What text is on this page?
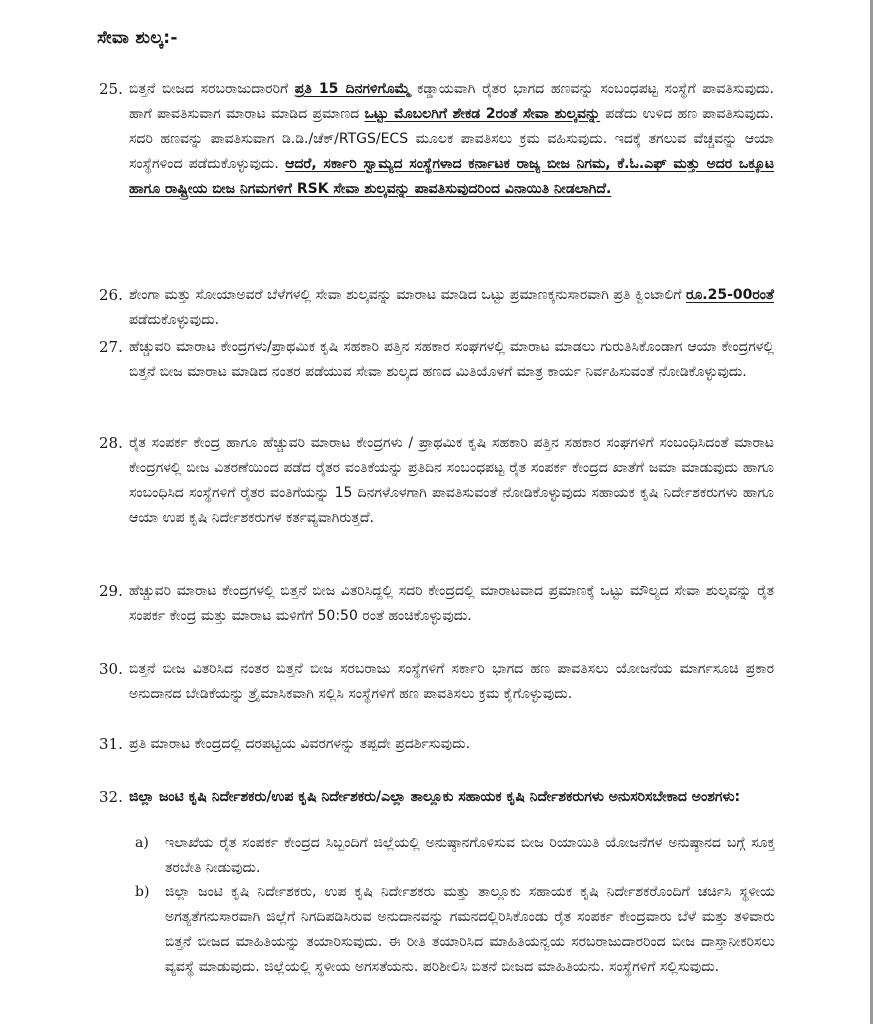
ಸೇವಾ ಶುಲ್ಕ:-
25. ಬಿತ್ತನೆ ಬೀಜದ ಸರಬರಾಜುದಾರರಿಗೆ ಪ್ರತಿ 15 ದಿನಗಳಿಗೊಮ್ಮೆ ಕಡ್ಡಾಯವಾಗಿ ರೈತರ ಭಾಗದ ಹಣವನ್ನು ಸಂಬಂಧಪಟ್ಟ ಸಂಸ್ಥೆಗೆ ಪಾವತಿಸುವುದು. ಹಾಗೆ ಪಾವತಿಸುವಾಗ ಮಾರಾಟ ಮಾಡಿದ ಪ್ರಮಾಣದ ಒಟ್ಟು ಮೊಬಲಗಿಗೆ ಶೇಕಡ 2ರಂತೆ ಸೇವಾ ಶುಲ್ಕವನ್ನು ಪಡೆದು ಉಳಿದ ಹಣ ಪಾವತಿಸುವುದು. ಸದರಿ ಹಣವನ್ನು ಪಾವತಿಸುವಾಗ ಡಿ.ಡಿ./ಚೆಕ್/RTGS/ECS ಮೂಲಕ ಪಾವತಿಸಲು ಕ್ರಮ ವಹಿಸುವುದು. ಇದಕ್ಕೆ ತಗಲುವ ವೆಚ್ಚವನ್ನು ಆಯಾ ಸಂಸ್ಥೆಗಳಿಂದ ಪಡೆದುಕೊಳ್ಳುವುದು. ಆದರೆ, ಸರ್ಕಾರಿ ಸ್ವಾಮ್ಯದ ಸಂಸ್ಥೆಗಳಾದ ಕರ್ನಾಟಕ ರಾಜ್ಯ ಬೀಜ ನಿಗಮ, ಕೆ.ಓ.ಎಫ್ ಮತ್ತು ಅದರ ಒಕ್ಕೂಟ ಹಾಗೂ ರಾಷ್ಟ್ರೀಯ ಬೀಜ ನಿಗಮಗಳಿಗೆ RSK ಸೇವಾ ಶುಲ್ಕವನ್ನು ಪಾವತಿಸುವುದರಿಂದ ವಿನಾಯಿತಿ ನೀಡಲಾಗಿದೆ.
26. ಶೇಂಗಾ ಮತ್ತು ಸೋಯಾಅವರೆ ಬೆಳೆಗಳಲ್ಲಿ ಸೇವಾ ಶುಲ್ಕವನ್ನು ಮಾರಾಟ ಮಾಡಿದ ಒಟ್ಟು ಪ್ರಮಾಣಕ್ಕನುಸಾರವಾಗಿ ಪ್ರತಿ ಕ್ವಿಂಟಾಲಿಗೆ ರೂ.25-00ರಂತೆ ಪಡೆದುಕೊಳ್ಳುವುದು.
27. ಹೆಚ್ಚುವರಿ ಮಾರಾಟ ಕೇಂದ್ರಗಳು/ಪ್ರಾಥಮಿಕ ಕೃಷಿ ಸಹಕಾರಿ ಪತ್ತಿನ ಸಹಕಾರ ಸಂಘಗಳಲ್ಲಿ ಮಾರಾಟ ಮಾಡಲು ಗುರುತಿಸಿಕೊಂಡಾಗ ಆಯಾ ಕೇಂದ್ರಗಳಲ್ಲಿ ಬಿತ್ತನೆ ಬೀಜ ಮಾರಾಟ ಮಾಡಿದ ನಂತರ ಪಡೆಯುವ ಸೇವಾ ಶುಲ್ಕದ ಹಣದ ಮಿತಿಯೊಳಗೆ ಮಾತ್ರ ಕಾರ್ಯ ನಿರ್ವಹಿಸುವಂತೆ ನೋಡಿಕೊಳ್ಳುವುದು.
28. ರೈತ ಸಂಪರ್ಕ ಕೇಂದ್ರ ಹಾಗೂ ಹೆಚ್ಚುವರಿ ಮಾರಾಟ ಕೇಂದ್ರಗಳು / ಪ್ರಾಥಮಿಕ ಕೃಷಿ ಸಹಕಾರಿ ಪತ್ತಿನ ಸಹಕಾರ ಸಂಘಗಳಿಗೆ ಸಂಬಂಧಿಸಿದಂತೆ ಮಾರಾಟ ಕೇಂದ್ರಗಳಲ್ಲಿ ಬೀಜ ವಿತರಣೆಯಿಂದ ಪಡೆದ ರೈತರ ವಂತಿಕೆಯನ್ನು ಪ್ರತಿದಿನ ಸಂಬಂಧಪಟ್ಟ ರೈತ ಸಂಪರ್ಕ ಕೇಂದ್ರದ ಖಾತೆಗೆ ಜಮಾ ಮಾಡುವುದು ಹಾಗೂ ಸಂಬಂಧಿಸಿದ ಸಂಸ್ಥೆಗಳಿಗೆ ರೈತರ ವಂತಿಗೆಯನ್ನು 15 ದಿನಗಳೊಳಗಾಗಿ ಪಾವತಿಸುವಂತೆ ನೋಡಿಕೊಳ್ಳುವುದು ಸಹಾಯಕ ಕೃಷಿ ನಿರ್ದೇಶಕರುಗಳು ಹಾಗೂ ಆಯಾ ಉಪ ಕೃಷಿ ನಿರ್ದೇಶಕರುಗಳ ಕರ್ತವ್ಯವಾಗಿರುತ್ತದೆ.
29. ಹೆಚ್ಚುವರಿ ಮಾರಾಟ ಕೇಂದ್ರಗಳಲ್ಲಿ ಬಿತ್ತನೆ ಬೀಜ ವಿತರಿಸಿದ್ದಲ್ಲಿ ಸದರಿ ಕೇಂದ್ರದಲ್ಲಿ ಮಾರಾಟವಾದ ಪ್ರಮಾಣಕ್ಕೆ ಒಟ್ಟು ಮೌಲ್ಯದ ಸೇವಾ ಶುಲ್ಕವನ್ನು ರೈತ ಸಂಪರ್ಕ ಕೇಂದ್ರ ಮತ್ತು ಮಾರಾಟ ಮಳಿಗೆಗೆ 50:50 ರಂತೆ ಹಂಚಿಕೊಳ್ಳುವುದು.
30. ಬಿತ್ತನೆ ಬೀಜ ವಿತರಿಸಿದ ನಂತರ ಬಿತ್ತನೆ ಬೀಜ ಸರಬರಾಜು ಸಂಸ್ಥೆಗಳಿಗೆ ಸರ್ಕಾರಿ ಭಾಗದ ಹಣ ಪಾವತಿಸಲು ಯೋಜನೆಯ ಮಾರ್ಗಸೂಚಿ ಪ್ರಕಾರ ಅನುದಾನದ ಬೇಡಿಕೆಯನ್ನು ತ್ರೈಮಾಸಿಕವಾಗಿ ಸಲ್ಲಿಸಿ ಸಂಸ್ಥೆಗಳಿಗೆ ಹಣ ಪಾವತಿಸಲು ಕ್ರಮ ಕೈಗೊಳ್ಳುವುದು.
31. ಪ್ರತಿ ಮಾರಾಟ ಕೇಂದ್ರದಲ್ಲಿ ದರಪಟ್ಟಿಯ ವಿವರಗಳನ್ನು ತಪ್ಪದೇ ಪ್ರದರ್ಶಿಸುವುದು.
32. ಜಿಲ್ಲಾ ಜಂಟಿ ಕೃಷಿ ನಿರ್ದೇಶಕರು/ಉಪ ಕೃಷಿ ನಿರ್ದೇಶಕರು/ಎಲ್ಲಾ ತಾಲ್ಲೂಕು ಸಹಾಯಕ ಕೃಷಿ ನಿರ್ದೇಶಕರುಗಳು ಅನುಸರಿಸಬೇಕಾದ ಅಂಶಗಳು:
a) ಇಲಾಖೆಯ ರೈತ ಸಂಪರ್ಕ ಕೇಂದ್ರದ ಸಿಬ್ಬಂದಿಗೆ ಜಿಲ್ಲೆಯಲ್ಲಿ ಅನುಷ್ಠಾನಗೊಳಿಸುವ ಬೀಜ ರಿಯಾಯಿತಿ ಯೋಜನೆಗಳ ಅನುಷ್ಠಾನದ ಬಗ್ಗೆ ಸೂಕ್ತ ತರಬೇತಿ ನೀಡುವುದು.
b) ಜಿಲ್ಲಾ ಜಂಟಿ ಕೃಷಿ ನಿರ್ದೇಶಕರು, ಉಪ ಕೃಷಿ ನಿರ್ದೇಶಕರು ಮತ್ತು ತಾಲ್ಲೂಕು ಸಹಾಯಕ ಕೃಷಿ ನಿರ್ದೇಶಕರೊಂದಿಗೆ ಚರ್ಚಿಸಿ ಸ್ಥಳೀಯ ಅಗತ್ಯತೆಗನುಸಾರವಾಗಿ ಜಿಲ್ಲೆಗೆ ನಿಗದಿಪಡಿಸಿರುವ ಅನುದಾನವನ್ನು ಗಮನದಲ್ಲಿರಿಸಿಕೊಂಡು ರೈತ ಸಂಪರ್ಕ ಕೇಂದ್ರವಾರು ಬೆಳೆ ಮತ್ತು ತಳಿವಾರು ಬಿತ್ತನೆ ಬೀಜದ ಮಾಹಿತಿಯನ್ನು ತಯಾರಿಸುವುದು. ಈ ರೀತಿ ತಯಾರಿಸಿದ ಮಾಹಿತಿಯನ್ವಯ ಸರಬರಾಜುದಾರರಿಂದ ಬೀಜ ದಾಸ್ತಾನೀಕರಿಸಲು ವ್ಯವಸ್ಥೆ ಮಾಡುವುದು. ಜಿಲ್ಲೆಯಲ್ಲಿ ಸ್ಥಳೀಯ ಅಗಸತೆಯನು. ಪರಿಶೀಲಿಸಿ ಬಿತನೆ ಬೀಜದ ಮಾಹಿತಿಯನು. ಸಂಸ್ಥೆಗಳಿಗೆ ಸಲ್ಲಿಸುವುದು.
